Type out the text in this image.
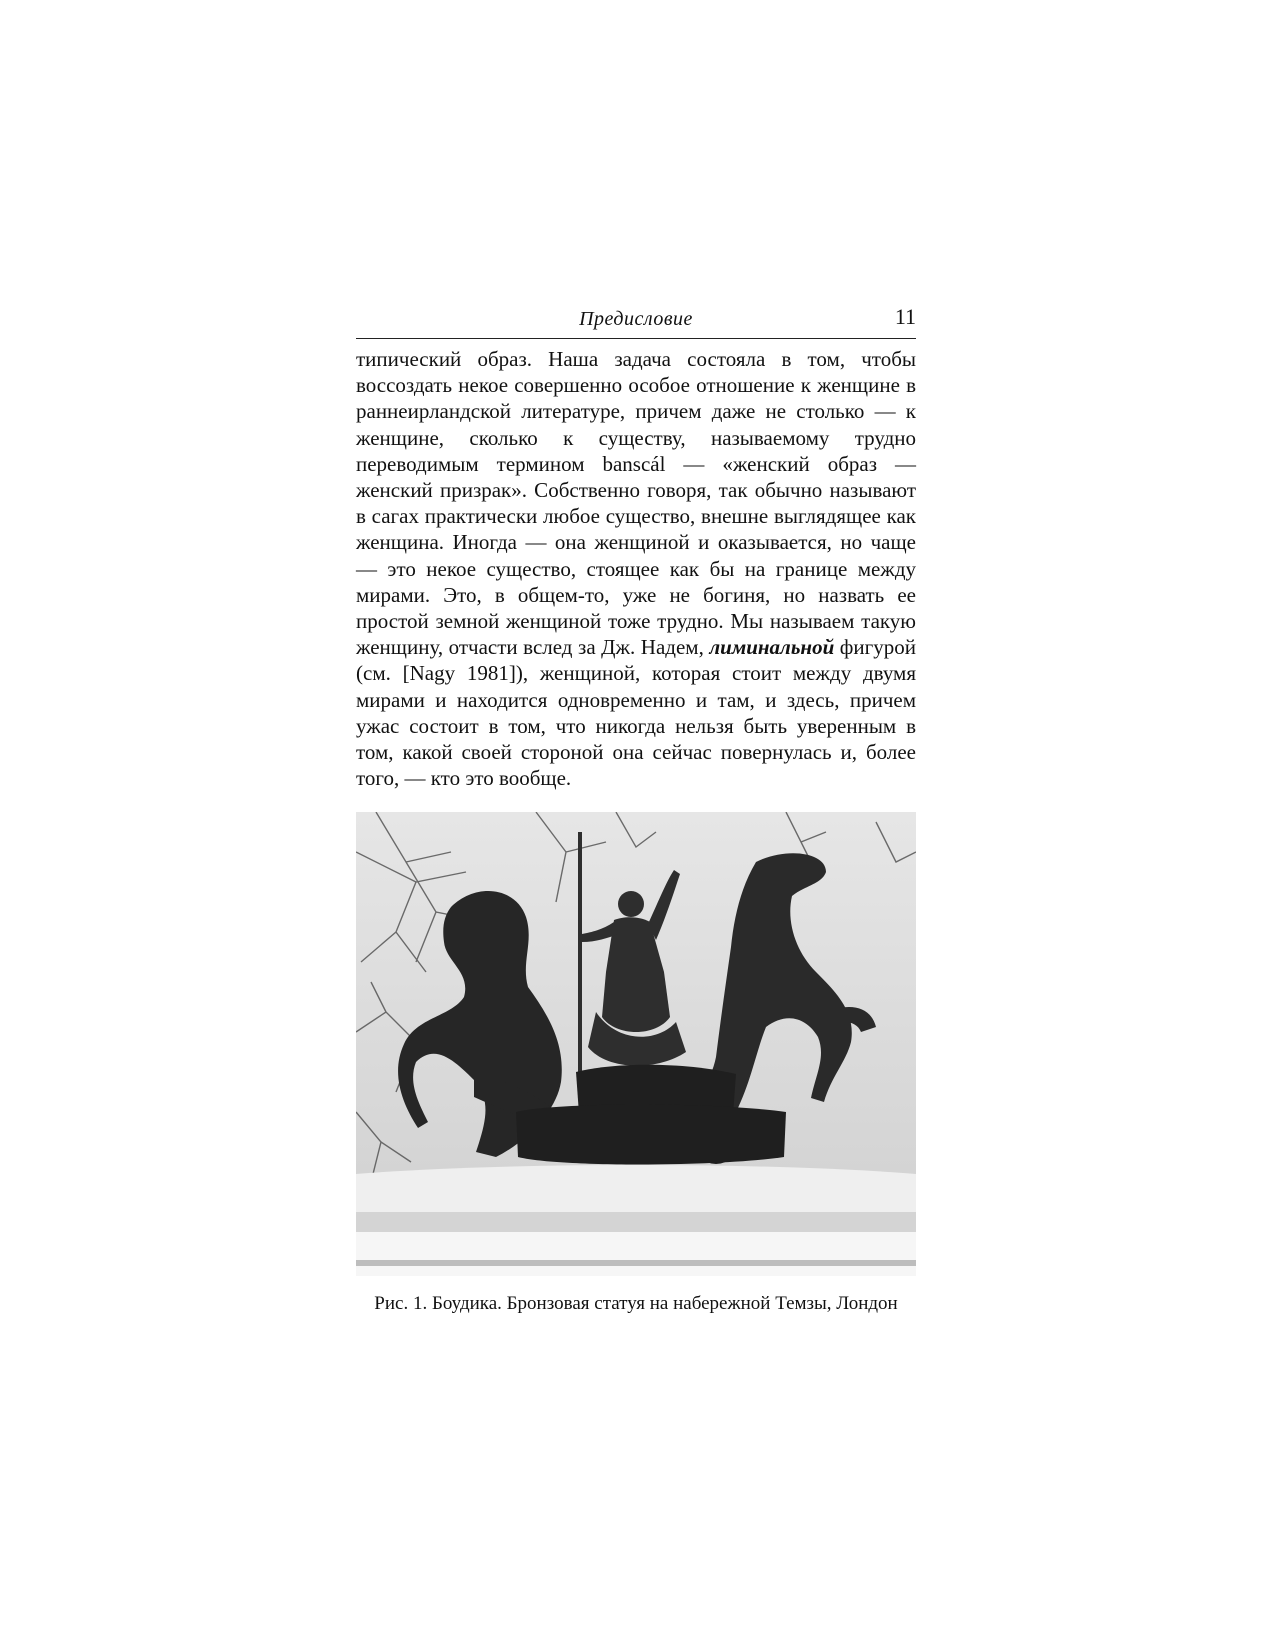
Предисловие	11

типический образ. Наша задача состояла в том, чтобы воссоздать некое совершенно особое отношение к женщине в раннеирландской литературе, причем даже не столько — к женщине, сколько к существу, называемому трудно переводимым термином banscál — «женский образ — женский призрак». Собственно говоря, так обычно называют в сагах практически любое существо, внешне выглядящее как женщина. Иногда — она женщиной и оказывается, но чаще — это некое существо, стоящее как бы на границе между мирами. Это, в общем-то, уже не богиня, но назвать ее простой земной женщиной тоже трудно. Мы называем такую женщину, отчасти вслед за Дж. Надем, лиминальной фигурой (см. [Nagy 1981]), женщиной, которая стоит между двумя мирами и находится одновременно и там, и здесь, причем ужас состоит в том, что никогда нельзя быть уверенным в том, какой своей стороной она сейчас повернулась и, более того, — кто это вообще.

Рис. 1. Боудика. Бронзовая статуя на набережной Темзы, Лондон
